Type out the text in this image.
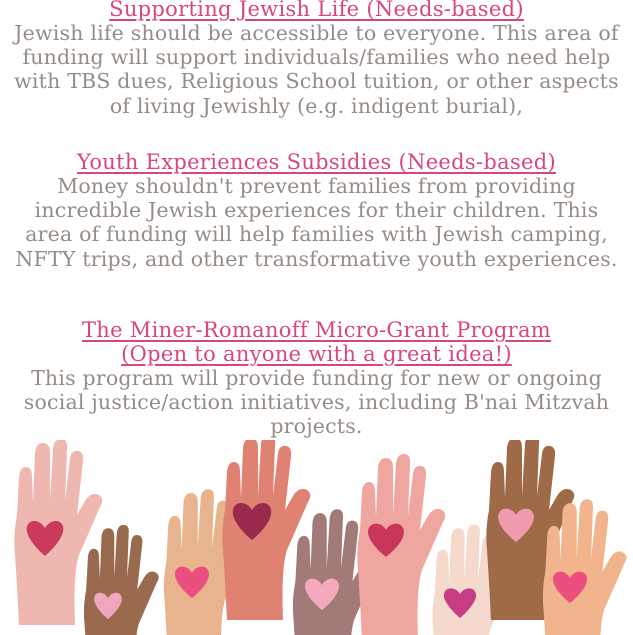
Supporting Jewish Life (Needs-based)
Jewish life should be accessible to everyone. This area of funding will support individuals/families who need help with TBS dues, Religious School tuition, or other aspects of living Jewishly (e.g. indigent burial),
Youth Experiences Subsidies (Needs-based)
Money shouldn't prevent families from providing incredible Jewish experiences for their children. This area of funding will help families with Jewish camping, NFTY trips, and other transformative youth experiences.
The Miner-Romanoff Micro-Grant Program
(Open to anyone with a great idea!)
This program will provide funding for new or ongoing social justice/action initiatives, including B'nai Mitzvah projects.
